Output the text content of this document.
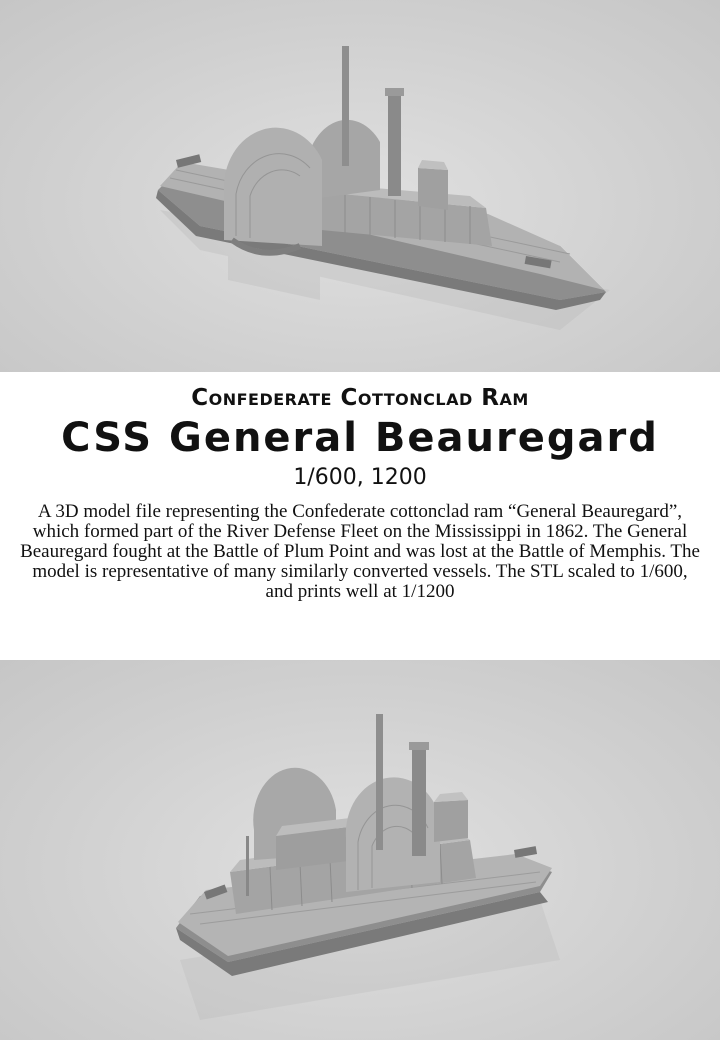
Confederate Cottonclad Ram
CSS General Beauregard
1/600, 1200
A 3D model file representing the Confederate cottonclad ram “General Beauregard”, which formed part of the River Defense Fleet on the Mississippi in 1862. The General Beauregard fought at the Battle of Plum Point and was lost at the Battle of Memphis. The model is representative of many similarly converted vessels. The STL scaled to 1/600, and prints well at 1/1200
